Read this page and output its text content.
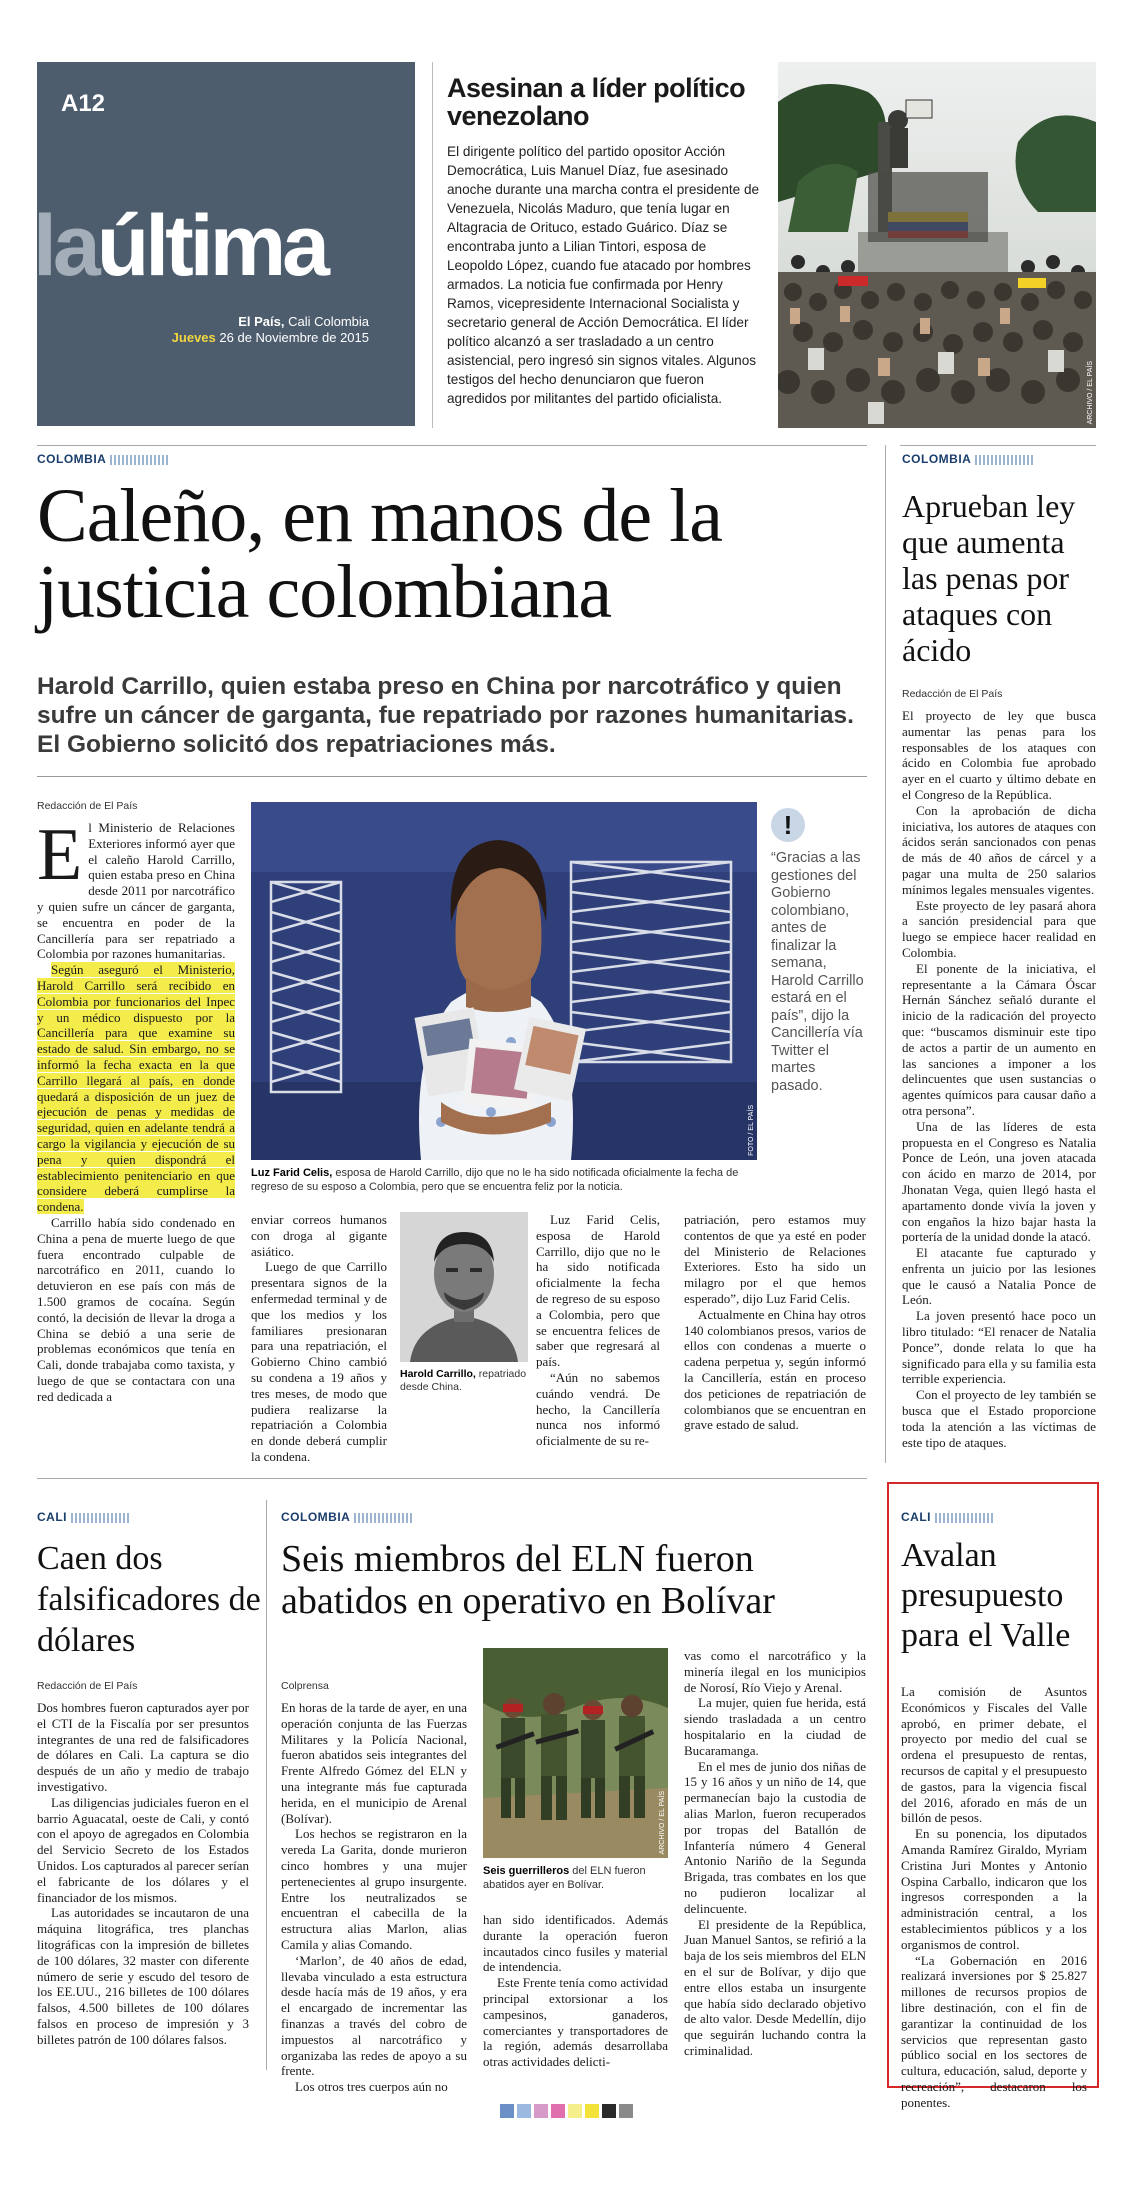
A12
laúltima
El País, Cali Colombia
Jueves 26 de Noviembre de 2015
Asesinan a líder político venezolano
El dirigente político del partido opositor Acción Democrática, Luis Manuel Díaz, fue asesinado anoche durante una marcha contra el presidente de Venezuela, Nicolás Maduro, que tenía lugar en Altagracia de Orituco, estado Guárico. Díaz se encontraba junto a Lilian Tintori, esposa de Leopoldo López, cuando fue atacado por hombres armados. La noticia fue confirmada por Henry Ramos, vicepresidente Internacional Socialista y secretario general de Acción Democrática. El líder político alcanzó a ser trasladado a un centro asistencial, pero ingresó sin signos vitales. Algunos testigos del hecho denunciaron que fueron agredidos por militantes del partido oficialista.	ARCHIVO / EL PAÍS
COLOMBIA
Caleño, en manos de la justicia colombiana
Harold Carrillo, quien estaba preso en China por narcotráfico y quien sufre un cáncer de garganta, fue repatriado por razones humanitarias. El Gobierno solicitó dos repatriaciones más.
Redacción de El País

El Ministerio de Relaciones Exteriores informó ayer que el caleño Harold Carrillo, quien estaba preso en China desde 2011 por narcotráfico y quien sufre un cáncer de garganta, se encuentra en poder de la Cancillería para ser repatriado a Colombia por razones humanitarias.

Según aseguró el Ministerio, Harold Carrillo será recibido en Colombia por funcionarios del Inpec y un médico dispuesto por la Cancillería para que examine su estado de salud. Sin embargo, no se informó la fecha exacta en la que Carrillo llegará al país, en donde quedará a disposición de un juez de ejecución de penas y medidas de seguridad, quien en adelante tendrá a cargo la vigilancia y ejecución de su pena y quien dispondrá el establecimiento penitenciario en que considere deberá cumplirse la condena.

Carrillo había sido condenado en China a pena de muerte luego de que fuera encontrado culpable de narcotráfico en 2011, cuando lo detuvieron en ese país con más de 1.500 gramos de cocaína. Según contó, la decisión de llevar la droga a China se debió a una serie de problemas económicos que tenía en Cali, donde trabajaba como taxista, y luego de que se contactara con una red dedicada a

FOTO / EL PAÍS
Luz Farid Celis, esposa de Harold Carrillo, dijo que no le ha sido notificada oficialmente la fecha de regreso de su esposo a Colombia, pero que se encuentra feliz por la noticia.
!
“Gracias a las gestiones del Gobierno colombiano, antes de finalizar la semana, Harold Carrillo estará en el país”, dijo la Cancillería vía Twitter el martes pasado.

enviar correos humanos con droga al gigante asiático.

Luego de que Carrillo presentara signos de la enfermedad terminal y de que los medios y los familiares presionaran para una repatriación, el Gobierno Chino cambió su condena a 19 años y tres meses, de modo que pudiera realizarse la repatriación a Colombia en donde deberá cumplir la condena.

Harold Carrillo, repatriado desde China.

Luz Farid Celis, esposa de Harold Carrillo, dijo que no le ha sido notificada oficialmente la fecha de regreso de su esposo a Colombia, pero que se encuentra felices de saber que regresará al país.

“Aún no sabemos cuándo vendrá. De hecho, la Cancillería nunca nos informó oficialmente de su re-

patriación, pero estamos muy contentos de que ya esté en poder del Ministerio de Relaciones Exteriores. Esto ha sido un milagro por el que hemos esperado”, dijo Luz Farid Celis.

Actualmente en China hay otros 140 colombianos presos, varios de ellos con condenas a muerte o cadena perpetua y, según informó la Cancillería, están en proceso dos peticiones de repatriación de colombianos que se encuentran en grave estado de salud.

COLOMBIA
Aprueban ley que aumenta las penas por ataques con ácido
Redacción de El País

El proyecto de ley que busca aumentar las penas para los responsables de los ataques con ácido en Colombia fue aprobado ayer en el cuarto y último debate en el Congreso de la República.

Con la aprobación de dicha iniciativa, los autores de ataques con ácidos serán sancionados con penas de más de 40 años de cárcel y a pagar una multa de 250 salarios mínimos legales mensuales vigentes.

Este proyecto de ley pasará ahora a sanción presidencial para que luego se empiece hacer realidad en Colombia.

El ponente de la iniciativa, el representante a la Cámara Óscar Hernán Sánchez señaló durante el inicio de la radicación del proyecto que: “buscamos disminuir este tipo de actos a partir de un aumento en las sanciones a imponer a los delincuentes que usen sustancias o agentes químicos para causar daño a otra persona”.

Una de las líderes de esta propuesta en el Congreso es Natalia Ponce de León, una joven atacada con ácido en marzo de 2014, por Jhonatan Vega, quien llegó hasta el apartamento donde vivía la joven y con engaños la hizo bajar hasta la portería de la unidad donde la atacó.

El atacante fue capturado y enfrenta un juicio por las lesiones que le causó a Natalia Ponce de León.

La joven presentó hace poco un libro titulado: “El renacer de Natalia Ponce”, donde relata lo que ha significado para ella y su familia esta terrible experiencia.

Con el proyecto de ley también se busca que el Estado proporcione toda la atención a las víctimas de este tipo de ataques.

CALI
Caen dos falsificadores de dólares
Redacción de El País

Dos hombres fueron capturados ayer por el CTI de la Fiscalía por ser presuntos integrantes de una red de falsificadores de dólares en Cali. La captura se dio después de un año y medio de trabajo investigativo.

Las diligencias judiciales fueron en el barrio Aguacatal, oeste de Cali, y contó con el apoyo de agregados en Colombia del Servicio Secreto de los Estados Unidos. Los capturados al parecer serían el fabricante de los dólares y el financiador de los mismos.

Las autoridades se incautaron de una máquina litográfica, tres planchas litográficas con la impresión de billetes de 100 dólares, 32 master con diferente número de serie y escudo del tesoro de los EE.UU., 216 billetes de 100 dólares falsos, 4.500 billetes de 100 dólares falsos en proceso de impresión y 3 billetes patrón de 100 dólares falsos.

COLOMBIA
Seis miembros del ELN fueron abatidos en operativo en Bolívar
Colprensa

En horas de la tarde de ayer, en una operación conjunta de las Fuerzas Militares y la Policía Nacional, fueron abatidos seis integrantes del Frente Alfredo Gómez del ELN y una integrante más fue capturada herida, en el municipio de Arenal (Bolívar).

Los hechos se registraron en la vereda La Garita, donde murieron cinco hombres y una mujer pertenecientes al grupo insurgente. Entre los neutralizados se encuentran el cabecilla de la estructura alias Marlon, alias Camila y alias Comando.

‘Marlon’, de 40 años de edad, llevaba vinculado a esta estructura desde hacía más de 19 años, y era el encargado de incrementar las finanzas a través del cobro de impuestos al narcotráfico y organizaba las redes de apoyo a su frente.

Los otros tres cuerpos aún no

ARCHIVO / EL PAÍS
Seis guerrilleros del ELN fueron abatidos ayer en Bolívar.

han sido identificados. Además durante la operación fueron incautados cinco fusiles y material de intendencia.

Este Frente tenía como actividad principal extorsionar a los campesinos, ganaderos, comerciantes y transportadores de la región, además desarrollaba otras actividades delicti-

vas como el narcotráfico y la minería ilegal en los municipios de Norosí, Río Viejo y Arenal.

La mujer, quien fue herida, está siendo trasladada a un centro hospitalario en la ciudad de Bucaramanga.

En el mes de junio dos niñas de 15 y 16 años y un niño de 14, que permanecían bajo la custodia de alias Marlon, fueron recuperados por tropas del Batallón de Infantería número 4 General Antonio Nariño de la Segunda Brigada, tras combates en los que no pudieron localizar al delincuente.

El presidente de la República, Juan Manuel Santos, se refirió a la baja de los seis miembros del ELN en el sur de Bolívar, y dijo que entre ellos estaba un insurgente que había sido declarado objetivo de alto valor. Desde Medellín, dijo que seguirán luchando contra la criminalidad.

CALI
Avalan presupuesto para el Valle

La comisión de Asuntos Económicos y Fiscales del Valle aprobó, en primer debate, el proyecto por medio del cual se ordena el presupuesto de rentas, recursos de capital y el presupuesto de gastos, para la vigencia fiscal del 2016, aforado en más de un billón de pesos.

En su ponencia, los diputados Amanda Ramírez Giraldo, Myriam Cristina Juri Montes y Antonio Ospina Carballo, indicaron que los ingresos corresponden a la administración central, a los establecimientos públicos y a los organismos de control.

“La Gobernación en 2016 realizará inversiones por $ 25.827 millones de recursos propios de libre destinación, con el fin de garantizar la continuidad de los servicios que representan gasto público social en los sectores de cultura, educación, salud, deporte y recreación”, destacaron los ponentes.
